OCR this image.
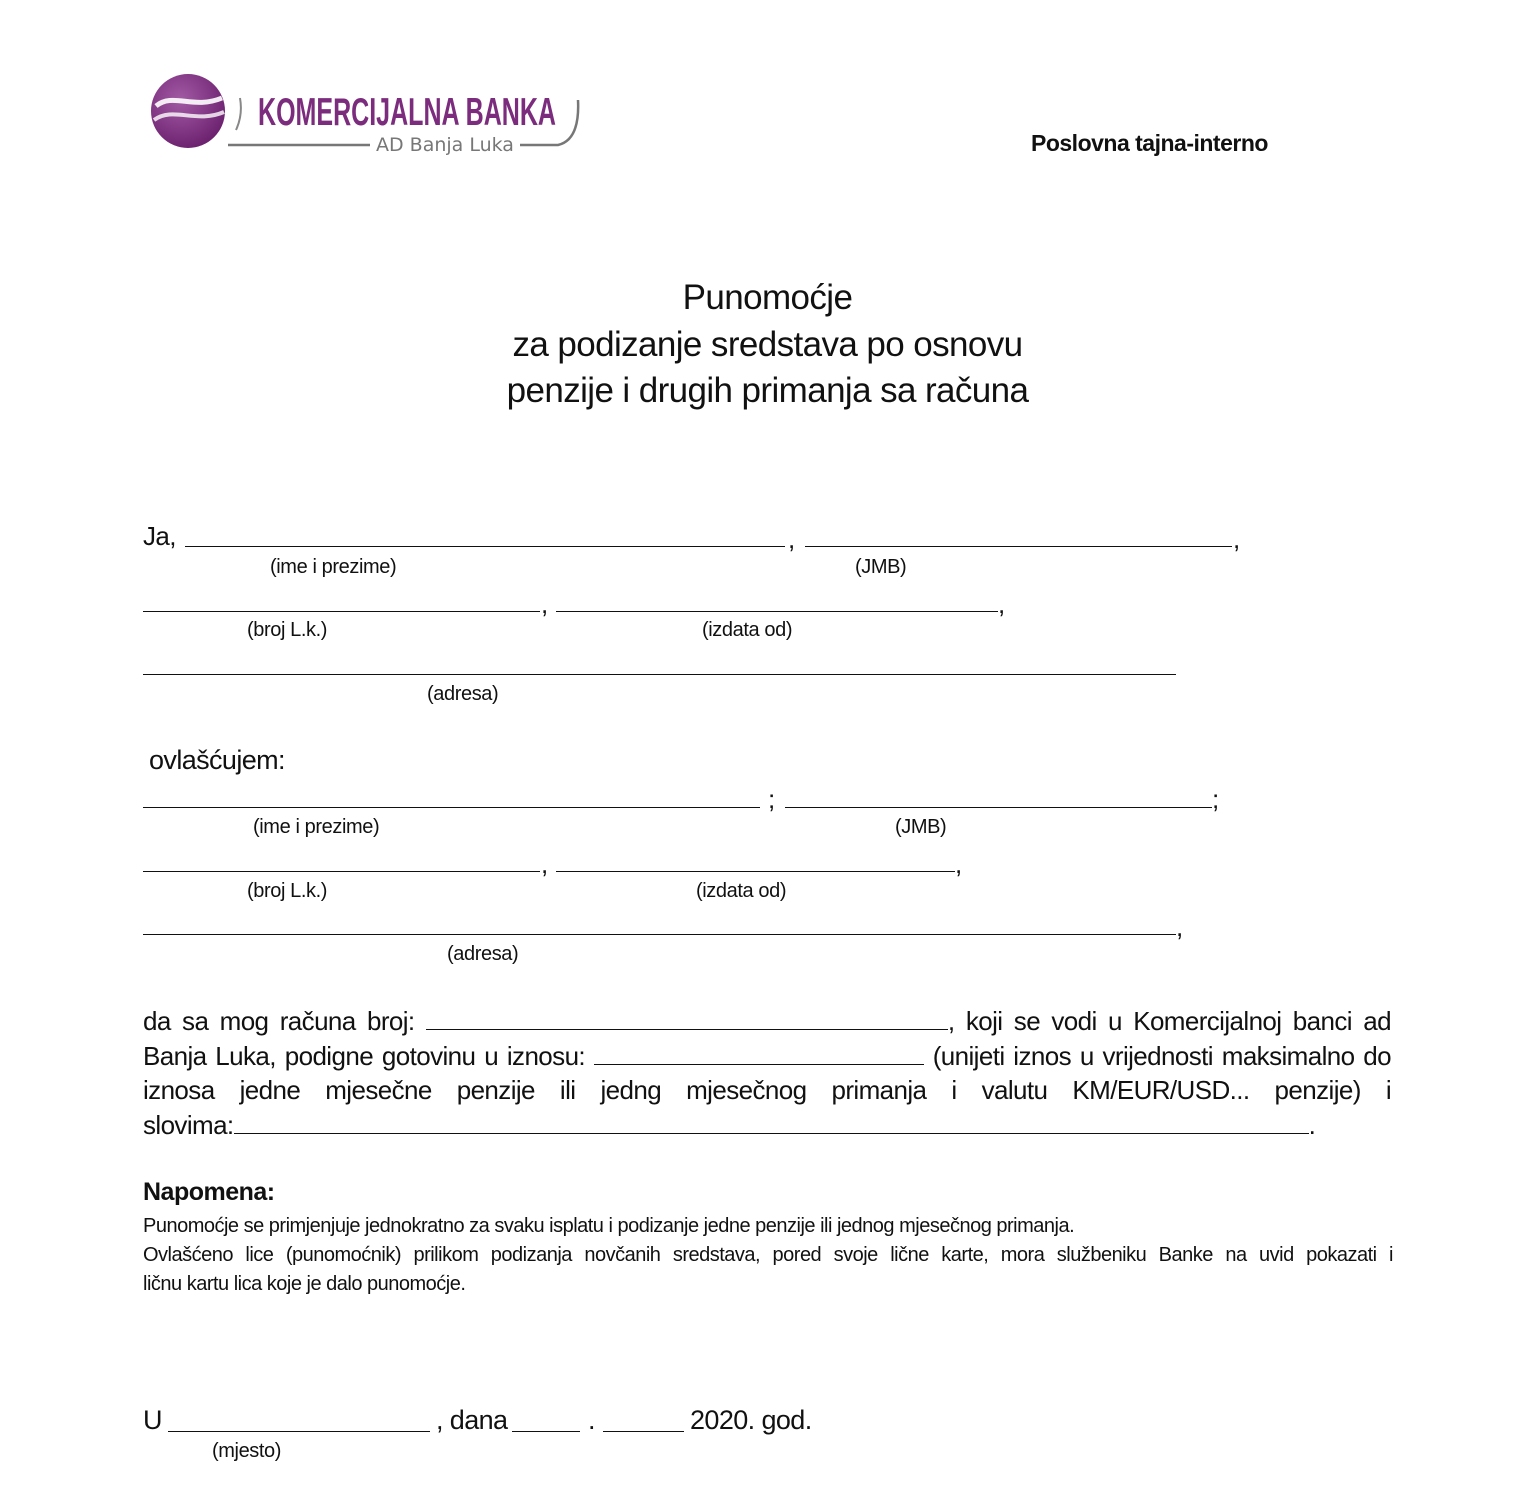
KOMERCIJALNA BANKA
AD Banja Luka	Poslovna tajna-interno
Punomoćje
za podizanje sredstava po osnovu
penzije i drugih primanja sa računa
Ja,	,	,
(ime i prezime)	(JMB)
,	,
(broj L.k.)	(izdata od)
(adresa)
ovlašćujem:
;	;
(ime i prezime)	(JMB)
,	,
(broj L.k.)	(izdata od)
,
(adresa)
da sa mog računa broj:	, koji se vodi u Komercijalnoj banci ad
Banja Luka, podigne gotovinu u iznosu:	(unijeti iznos u vrijednosti maksimalno do
iznosa jedne mjesečne penzije ili jedng mjesečnog primanja i valutu KM/EUR/USD... penzije) i
slovima:	.
Napomena:
Punomoćje se primjenjuje jednokratno za svaku isplatu i podizanje jedne penzije ili jednog mjesečnog primanja.
Ovlašćeno lice (punomoćnik) prilikom podizanja novčanih sredstava, pored svoje lične karte, mora službeniku Banke na uvid pokazati i
ličnu kartu lica koje je dalo punomoćje.
U	, dana	.	2020. god.
(mjesto)
